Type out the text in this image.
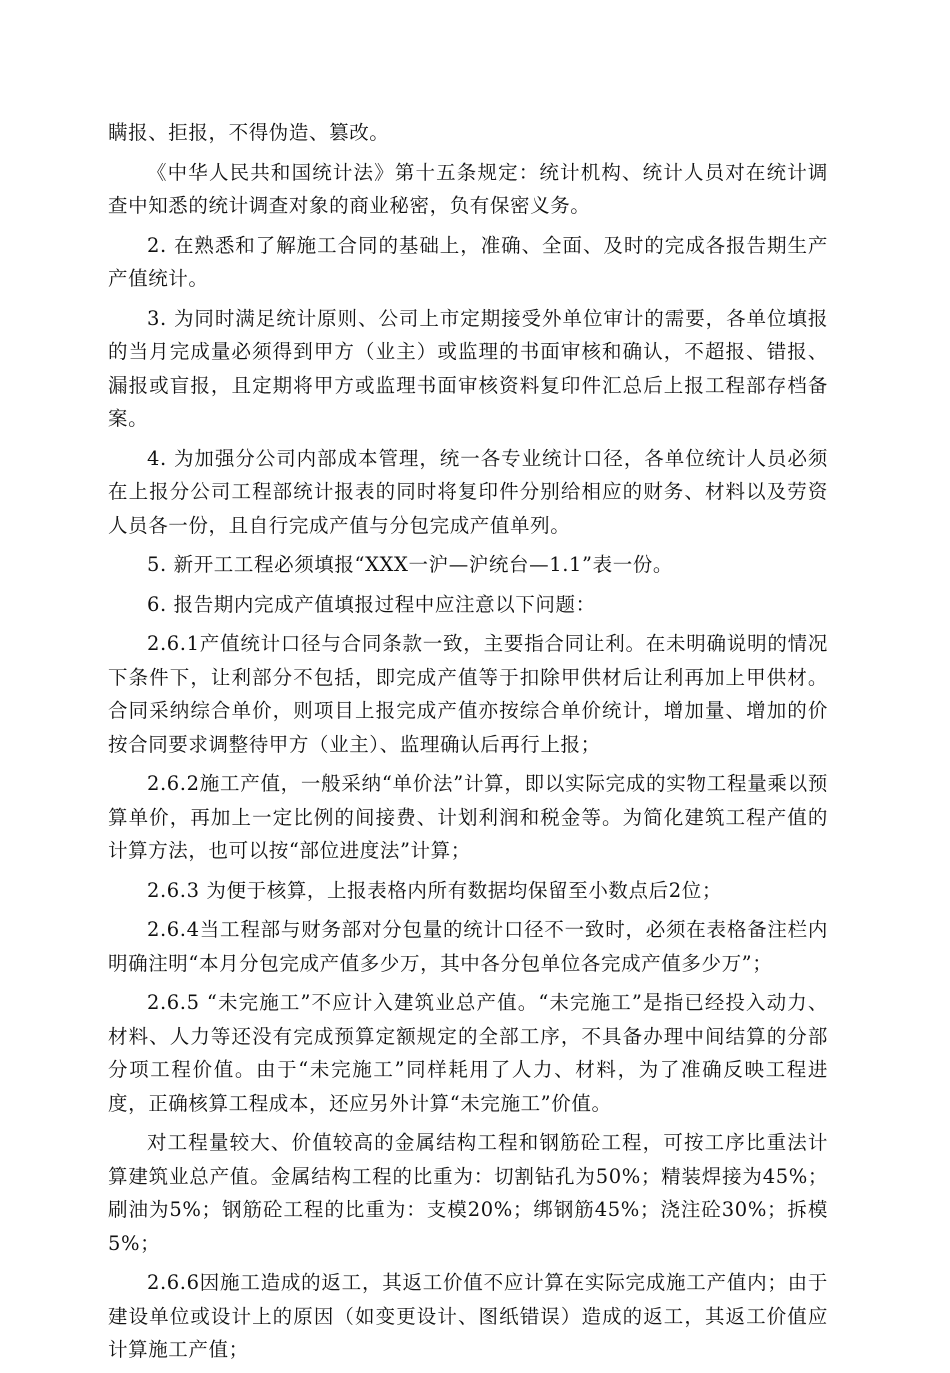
瞒报、拒报，不得伪造、篡改。

《中华人民共和国统计法》第十五条规定：统计机构、统计人员对在统计调查中知悉的统计调查对象的商业秘密，负有保密义务。

2. 在熟悉和了解施工合同的基础上，准确、全面、及时的完成各报告期生产产值统计。

3. 为同时满足统计原则、公司上市定期接受外单位审计的需要，各单位填报的当月完成量必须得到甲方（业主）或监理的书面审核和确认，不超报、错报、漏报或盲报，且定期将甲方或监理书面审核资料复印件汇总后上报工程部存档备案。

4. 为加强分公司内部成本管理，统一各专业统计口径，各单位统计人员必须在上报分公司工程部统计报表的同时将复印件分别给相应的财务、材料以及劳资人员各一份，且自行完成产值与分包完成产值单列。

5. 新开工工程必须填报“XXX一沪—沪统台—1.1”表一份。

6. 报告期内完成产值填报过程中应注意以下问题：

2.6.1产值统计口径与合同条款一致，主要指合同让利。在未明确说明的情况下条件下，让利部分不包括，即完成产值等于扣除甲供材后让利再加上甲供材。合同采纳综合单价，则项目上报完成产值亦按综合单价统计，增加量、增加的价按合同要求调整待甲方（业主）、监理确认后再行上报；

2.6.2施工产值，一般采纳“单价法”计算，即以实际完成的实物工程量乘以预算单价，再加上一定比例的间接费、计划利润和税金等。为简化建筑工程产值的计算方法，也可以按“部位进度法”计算；

2.6.3 为便于核算，上报表格内所有数据均保留至小数点后2位；

2.6.4当工程部与财务部对分包量的统计口径不一致时，必须在表格备注栏内明确注明“本月分包完成产值多少万，其中各分包单位各完成产值多少万”；

2.6.5 “未完施工”不应计入建筑业总产值。“未完施工”是指已经投入动力、材料、人力等还没有完成预算定额规定的全部工序，不具备办理中间结算的分部分项工程价值。由于“未完施工”同样耗用了人力、材料，为了准确反映工程进度，正确核算工程成本，还应另外计算“未完施工”价值。

对工程量较大、价值较高的金属结构工程和钢筋砼工程，可按工序比重法计算建筑业总产值。金属结构工程的比重为：切割钻孔为50%；精装焊接为45%；刷油为5%；钢筋砼工程的比重为：支模20%；绑钢筋45%；浇注砼30%；拆模5%；

2.6.6因施工造成的返工，其返工价值不应计算在实际完成施工产值内；由于建设单位或设计上的原因（如变更设计、图纸错误）造成的返工，其返工价值应计算施工产值；
